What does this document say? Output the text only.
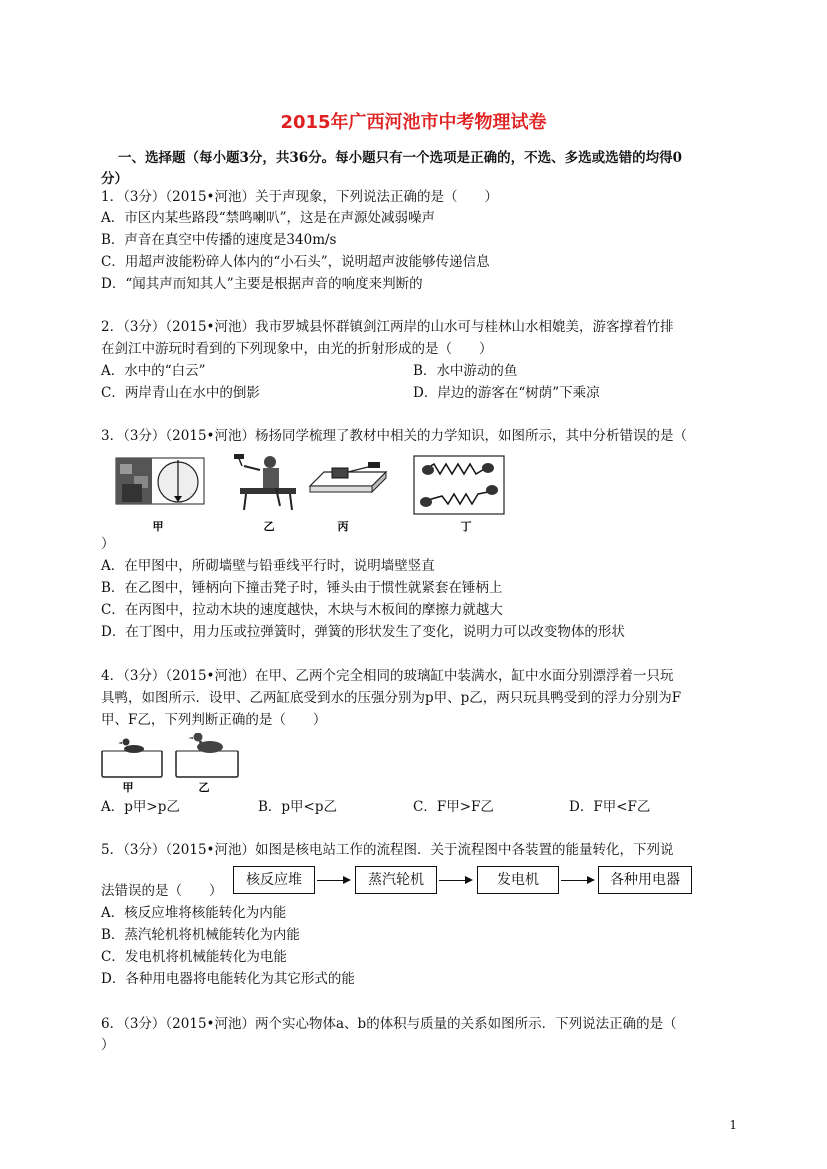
2015年广西河池市中考物理试卷
一、选择题（每小题3分，共36分。每小题只有一个选项是正确的，不选、多选或选错的均得0
分）
1．（3分）（2015•河池）关于声现象，下列说法正确的是（　　）
A．市区内某些路段“禁鸣喇叭”，这是在声源处减弱噪声
B．声音在真空中传播的速度是340m/s
C．用超声波能粉碎人体内的“小石头”，说明超声波能够传递信息
D．“闻其声而知其人”主要是根据声音的响度来判断的
2．（3分）（2015•河池）我市罗城县怀群镇剑江两岸的山水可与桂林山水相媲美，游客撑着竹排
在剑江中游玩时看到的下列现象中，由光的折射形成的是（　　）
A．水中的“白云”	B．水中游动的鱼
C．两岸青山在水中的倒影	D．岸边的游客在“树荫”下乘凉
3．（3分）（2015•河池）杨扬同学梳理了教材中相关的力学知识，如图所示，其中分析错误的是（
甲	乙	丙	丁
）
A．在甲图中，所砌墙壁与铅垂线平行时，说明墙壁竖直
B．在乙图中，锤柄向下撞击凳子时，锤头由于惯性就紧套在锤柄上
C．在丙图中，拉动木块的速度越快，木块与木板间的摩擦力就越大
D．在丁图中，用力压或拉弹簧时，弹簧的形状发生了变化，说明力可以改变物体的形状
4．（3分）（2015•河池）在甲、乙两个完全相同的玻璃缸中装满水，缸中水面分别漂浮着一只玩
具鸭，如图所示．设甲、乙两缸底受到水的压强分别为p甲、p乙，两只玩具鸭受到的浮力分别为F
甲、F乙，下列判断正确的是（　　）
甲	乙
A．p甲>p乙	B．p甲<p乙	C．F甲>F乙	D．F甲<F乙
5．（3分）（2015•河池）如图是核电站工作的流程图．关于流程图中各装置的能量转化，下列说
核反应堆	蒸汽轮机	发电机	各种用电器
法错误的是（　　）
A．核反应堆将核能转化为内能
B．蒸汽轮机将机械能转化为内能
C．发电机将机械能转化为电能
D．各种用电器将电能转化为其它形式的能
6．（3分）（2015•河池）两个实心物体a、b的体积与质量的关系如图所示．下列说法正确的是（
）
1
